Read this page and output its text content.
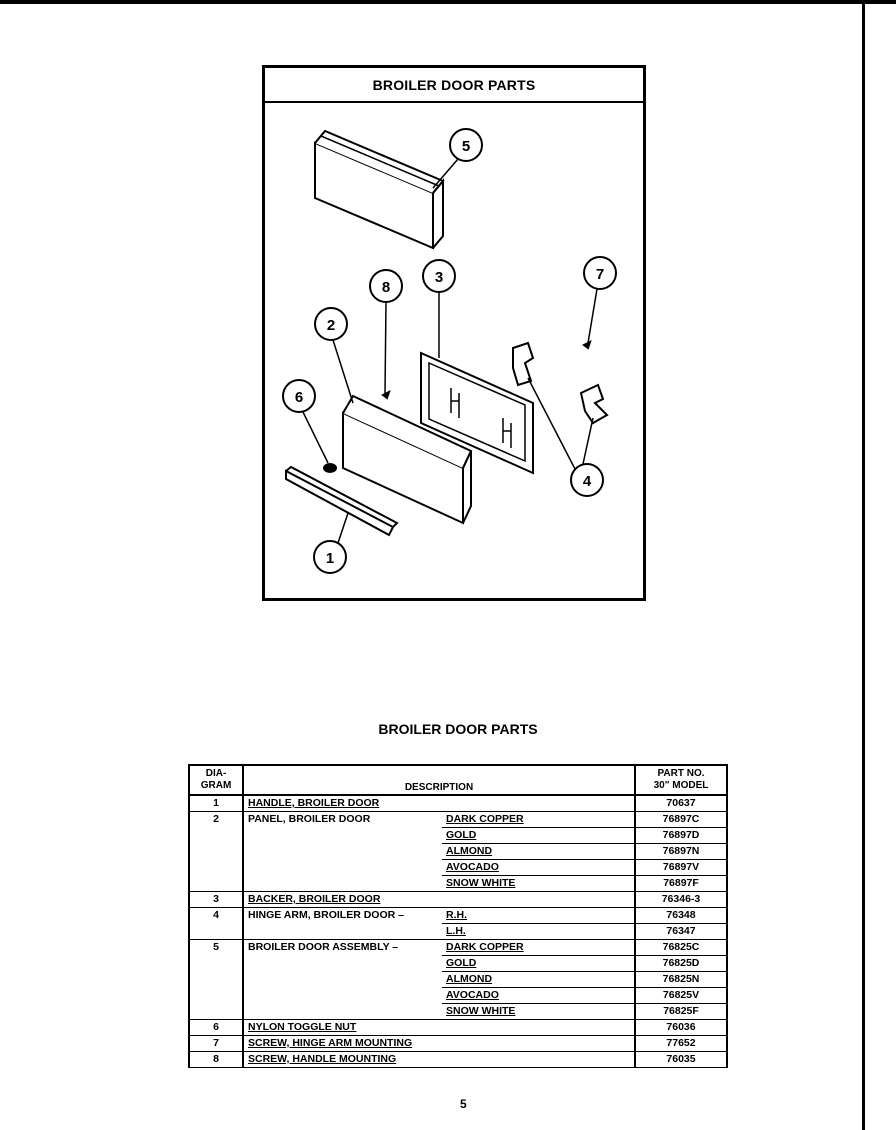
BROILER DOOR PARTS
5
3
8
7
2
6
4
1
BROILER DOOR PARTS
DIA-
GRAM	DESCRIPTION		PART NO.
30" MODEL
1	HANDLE, BROILER DOOR		70637
2	PANEL, BROILER DOOR	DARK COPPER	76897C
		GOLD	76897D
		ALMOND	76897N
		AVOCADO	76897V
		SNOW WHITE	76897F
3	BACKER, BROILER DOOR		76346-3
4	HINGE ARM, BROILER DOOR –	R.H.	76348
		L.H.	76347
5	BROILER DOOR ASSEMBLY –	DARK COPPER	76825C
		GOLD	76825D
		ALMOND	76825N
		AVOCADO	76825V
		SNOW WHITE	76825F
6	NYLON TOGGLE NUT		76036
7	SCREW, HINGE ARM MOUNTING		77652
8	SCREW, HANDLE MOUNTING		76035
5
